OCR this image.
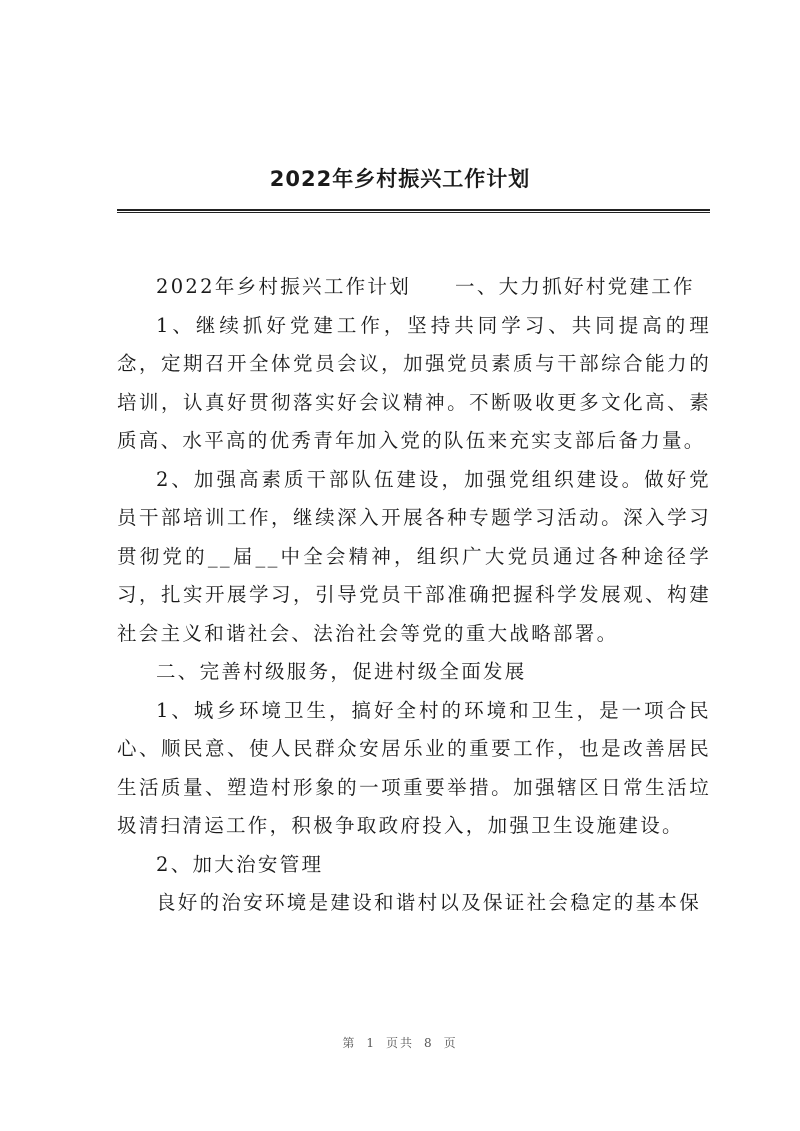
2022年乡村振兴工作计划

2022年乡村振兴工作计划 一、大力抓好村党建工作

1、继续抓好党建工作，坚持共同学习、共同提高的理念，定期召开全体党员会议，加强党员素质与干部综合能力的培训，认真好贯彻落实好会议精神。不断吸收更多文化高、素质高、水平高的优秀青年加入党的队伍来充实支部后备力量。

2、加强高素质干部队伍建设，加强党组织建设。做好党员干部培训工作，继续深入开展各种专题学习活动。深入学习贯彻党的__届__中全会精神，组织广大党员通过各种途径学习，扎实开展学习，引导党员干部准确把握科学发展观、构建社会主义和谐社会、法治社会等党的重大战略部署。

二、完善村级服务，促进村级全面发展

1、城乡环境卫生，搞好全村的环境和卫生，是一项合民心、顺民意、使人民群众安居乐业的重要工作，也是改善居民生活质量、塑造村形象的一项重要举措。加强辖区日常生活垃圾清扫清运工作，积极争取政府投入，加强卫生设施建设。

2、加大治安管理

良好的治安环境是建设和谐村以及保证社会稳定的基本保

第 1 页共 8 页
